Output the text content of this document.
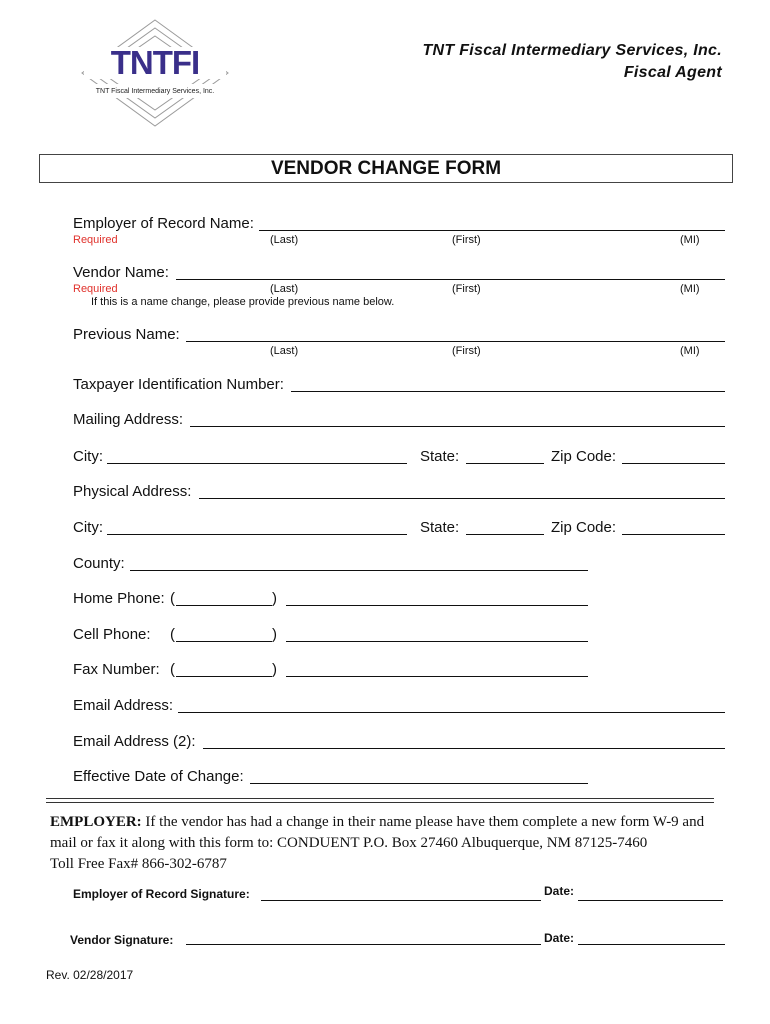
TNTFI
TNT Fiscal Intermediary Services, Inc.
TNT Fiscal Intermediary Services, Inc.
Fiscal Agent
VENDOR CHANGE FORM
Employer of Record Name:
Required	(Last)	(First)	(MI)
Vendor Name:
Required	(Last)	(First)	(MI)
If this is a name change, please provide previous name below.
Previous Name:
(Last)	(First)	(MI)
Taxpayer Identification Number:
Mailing Address:
City:	State:	Zip Code:
Physical Address:
City:	State:	Zip Code:
County:
Home Phone: (	)
Cell Phone: (	)
Fax Number: (	)
Email Address:
Email Address (2):
Effective Date of Change:
EMPLOYER: If the vendor has had a change in their name please have them complete a new form W-9 and mail or fax it along with this form to: CONDUENT P.O. Box 27460 Albuquerque, NM 87125-7460
Toll Free Fax# 866-302-6787
Employer of Record Signature:	Date:
Vendor Signature:	Date:
Rev. 02/28/2017
